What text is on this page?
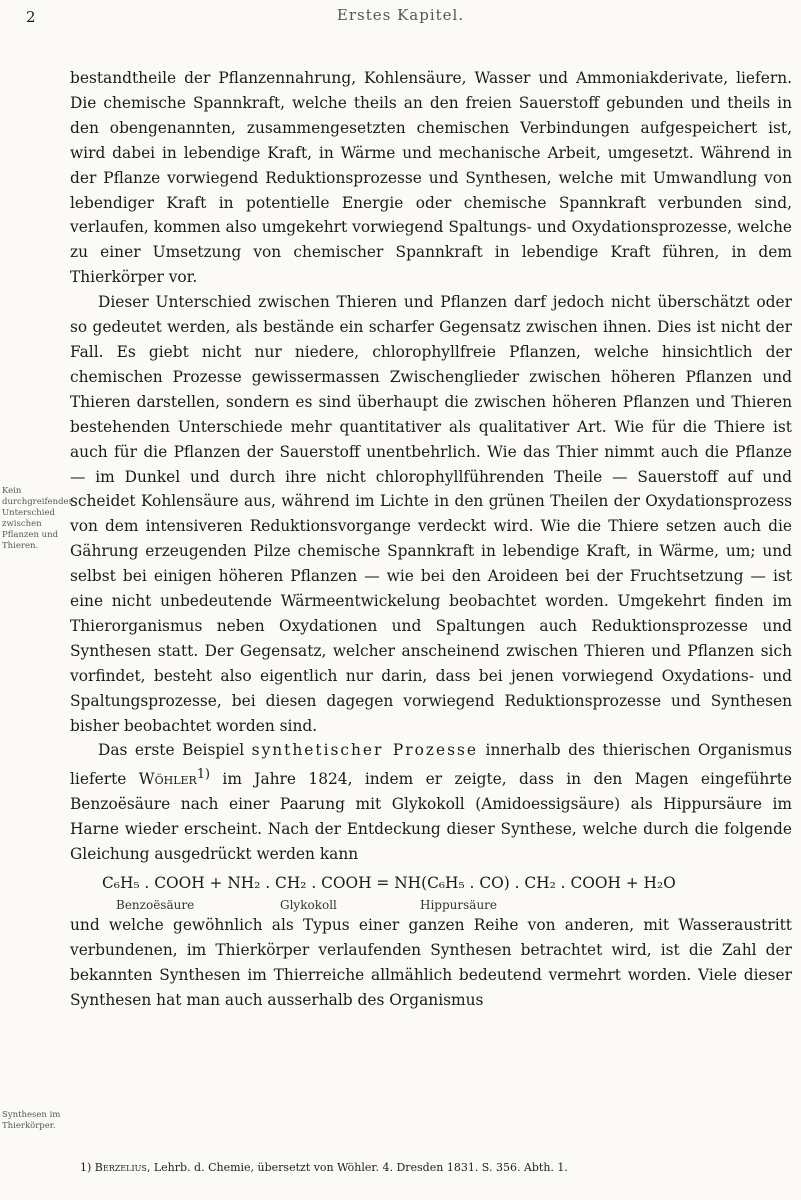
2	Erstes Kapitel.
Kein durchgreifender Unterschied zwischen Pflanzen und Thieren.
Synthesen im Thierkörper.

bestandtheile der Pflanzennahrung, Kohlensäure, Wasser und Ammoniakderivate, liefern. Die chemische Spannkraft, welche theils an den freien Sauerstoff gebunden und theils in den obengenannten, zusammengesetzten chemischen Verbindungen aufgespeichert ist, wird dabei in lebendige Kraft, in Wärme und mechanische Arbeit, umgesetzt. Während in der Pflanze vorwiegend Reduktionsprozesse und Synthesen, welche mit Umwandlung von lebendiger Kraft in potentielle Energie oder chemische Spannkraft verbunden sind, verlaufen, kommen also umgekehrt vorwiegend Spaltungs- und Oxydationsprozesse, welche zu einer Umsetzung von chemischer Spannkraft in lebendige Kraft führen, in dem Thierkörper vor.

Dieser Unterschied zwischen Thieren und Pflanzen darf jedoch nicht überschätzt oder so gedeutet werden, als bestände ein scharfer Gegensatz zwischen ihnen. Dies ist nicht der Fall. Es giebt nicht nur niedere, chlorophyllfreie Pflanzen, welche hinsichtlich der chemischen Prozesse gewissermassen Zwischenglieder zwischen höheren Pflanzen und Thieren darstellen, sondern es sind überhaupt die zwischen höheren Pflanzen und Thieren bestehenden Unterschiede mehr quantitativer als qualitativer Art. Wie für die Thiere ist auch für die Pflanzen der Sauerstoff unentbehrlich. Wie das Thier nimmt auch die Pflanze — im Dunkel und durch ihre nicht chlorophyllführenden Theile — Sauerstoff auf und scheidet Kohlensäure aus, während im Lichte in den grünen Theilen der Oxydationsprozess von dem intensiveren Reduktionsvorgange verdeckt wird. Wie die Thiere setzen auch die Gährung erzeugenden Pilze chemische Spannkraft in lebendige Kraft, in Wärme, um; und selbst bei einigen höheren Pflanzen — wie bei den Aroideen bei der Fruchtsetzung — ist eine nicht unbedeutende Wärmeentwickelung beobachtet worden. Umgekehrt finden im Thierorganismus neben Oxydationen und Spaltungen auch Reduktionsprozesse und Synthesen statt. Der Gegensatz, welcher anscheinend zwischen Thieren und Pflanzen sich vorfindet, besteht also eigentlich nur darin, dass bei jenen vorwiegend Oxydations- und Spaltungsprozesse, bei diesen dagegen vorwiegend Reduktionsprozesse und Synthesen bisher beobachtet worden sind.

Das erste Beispiel synthetischer Prozesse innerhalb des thierischen Organismus lieferte Wöhler$^{1)}$ im Jahre 1824, indem er zeigte, dass in den Magen eingeführte Benzoësäure nach einer Paarung mit Glykokoll (Amidoessigsäure) als Hippursäure im Harne wieder erscheint. Nach der Entdeckung dieser Synthese, welche durch die folgende Gleichung ausgedrückt werden kann

C₆H₅ . COOH + NH₂ . CH₂ . COOH = NH(C₆H₅ . CO) . CH₂ . COOH + H₂O
Benzoësäure	Glykokoll	Hippursäure

und welche gewöhnlich als Typus einer ganzen Reihe von anderen, mit Wasseraustritt verbundenen, im Thierkörper verlaufenden Synthesen betrachtet wird, ist die Zahl der bekannten Synthesen im Thierreiche allmählich bedeutend vermehrt worden. Viele dieser Synthesen hat man auch ausserhalb des Organismus

1) Berzelius, Lehrb. d. Chemie, übersetzt von Wöhler. 4. Dresden 1831. S. 356. Abth. 1.
